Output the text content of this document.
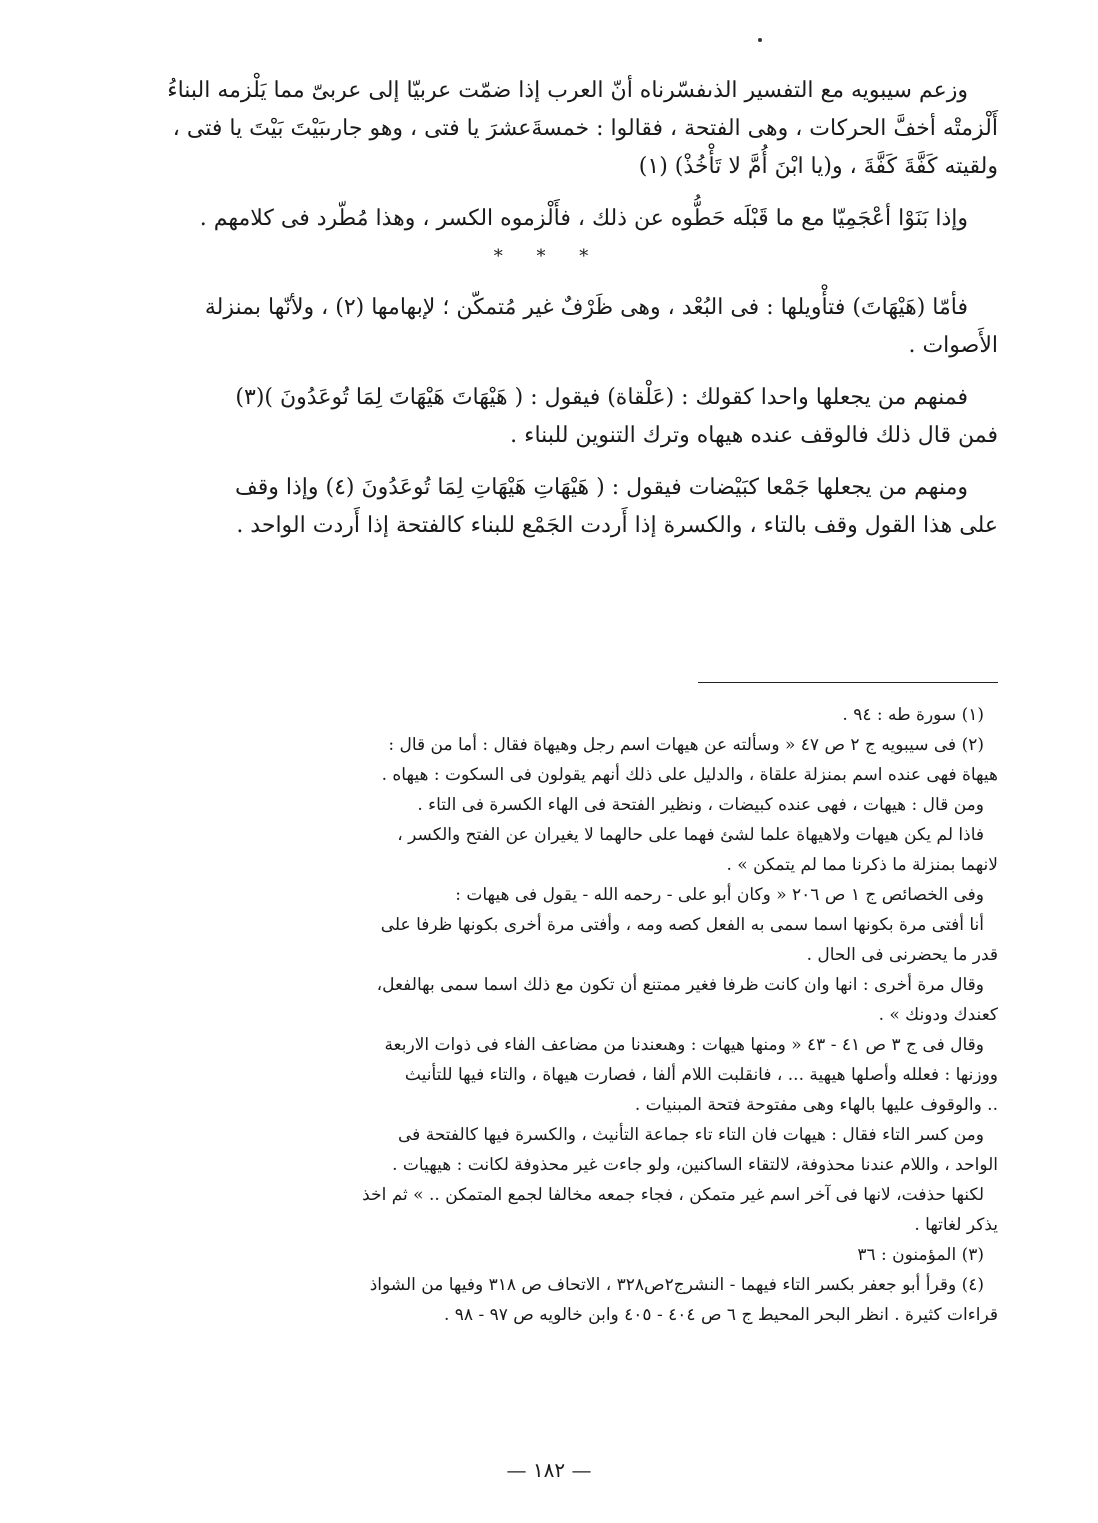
وزعم سيبويه مع التفسير الذىفسّرناه أنّ العرب إذا ضمّت عربيّا إلى عربىّ مما يَلْزمه البناءُ

أَلْزمتْه أخفَّ الحركات ، وهى الفتحة ، فقالوا : خمسةَعشرَ يا فتى ، وهو جارىبَيْتَ بَيْتَ يا فتى ،

ولقيته كَفَّةَ كَفَّةَ ، و(يا ابْنَ أُمَّ لا تَأْخُذْ) (١)

وإذا بَنَوْا أعْجَمِيّا مع ما قَبْلَه حَطُّوه عن ذلك ، فأَلْزموه الكسر ، وهذا مُطّرد فى كلامهم .

* * *

فأمّا (هَيْهَاتَ) فتأْويلها : فى البُعْد ، وهى ظَرْفٌ غير مُتمكّن ؛ لإبهامها (٢) ، ولأنّها بمنزلة

الأَصوات .

فمنهم من يجعلها واحدا كقولك : (عَلْقاة) فيقول : ( هَيْهَاتَ هَيْهَاتَ لِمَا تُوعَدُونَ )(٣)

فمن قال ذلك فالوقف عنده هيهاه وترك التنوين للبناء .

ومنهم من يجعلها جَمْعا كبَيْضات فيقول : ( هَيْهَاتِ هَيْهَاتِ لِمَا تُوعَدُونَ (٤) وإذا وقف

على هذا القول وقف بالتاء ، والكسرة إذا أَردت الجَمْع للبناء كالفتحة إذا أَردت الواحد .

(١) سورة طه : ٩٤ .

(٢) فى سيبويه ج ٢ ص ٤٧ « وسألته عن هيهات اسم رجل وهيهاة فقال : أما من قال :

هيهاة فهى عنده اسم بمنزلة علقاة ، والدليل على ذلك أنهم يقولون فى السكوت : هيهاه .

ومن قال : هيهات ، فهى عنده كبيضات ، ونظير الفتحة فى الهاء الكسرة فى التاء .

فاذا لم يكن هيهات ولاهيهاة علما لشئ فهما على حالهما لا يغيران عن الفتح والكسر ،

لانهما بمنزلة ما ذكرنا مما لم يتمكن » .

وفى الخصائص ج ١ ص ٢٠٦ « وكان أبو على - رحمه الله - يقول فى هيهات :

أنا أفتى مرة بكونها اسما سمى به الفعل كصه ومه ، وأفتى مرة أخرى بكونها ظرفا على

قدر ما يحضرنى فى الحال .

وقال مرة أخرى : انها وان كانت ظرفا فغير ممتنع أن تكون مع ذلك اسما سمى بهالفعل،

كعندك ودونك » .

وقال فى ج ٣ ص ٤١ - ٤٣ « ومنها هيهات : وهىعندنا من مضاعف الفاء فى ذوات الاربعة

ووزنها : فعلله وأصلها هيهية ... ، فانقلبت اللام ألفا ، فصارت هيهاة ، والتاء فيها للتأنيث

.. والوقوف عليها بالهاء وهى مفتوحة فتحة المبنيات .

ومن كسر التاء فقال : هيهات فان التاء تاء جماعة التأنيث ، والكسرة فيها كالفتحة فى

الواحد ، واللام عندنا محذوفة، لالتقاء الساكنين، ولو جاءت غير محذوفة لكانت : هيهيات .

لكنها حذفت، لانها فى آخر اسم غير متمكن ، فجاء جمعه مخالفا لجمع المتمكن .. » ثم اخذ

يذكر لغاتها .

(٣) المؤمنون : ٣٦

(٤) وقرأ أبو جعفر بكسر التاء فيهما - النشرج٢ص٣٢٨ ، الاتحاف ص ٣١٨ وفيها من الشواذ

قراءات كثيرة . انظر البحر المحيط ج ٦ ص ٤٠٤ - ٤٠٥ وابن خالويه ص ٩٧ - ٩٨ .

— ١٨٢ —
